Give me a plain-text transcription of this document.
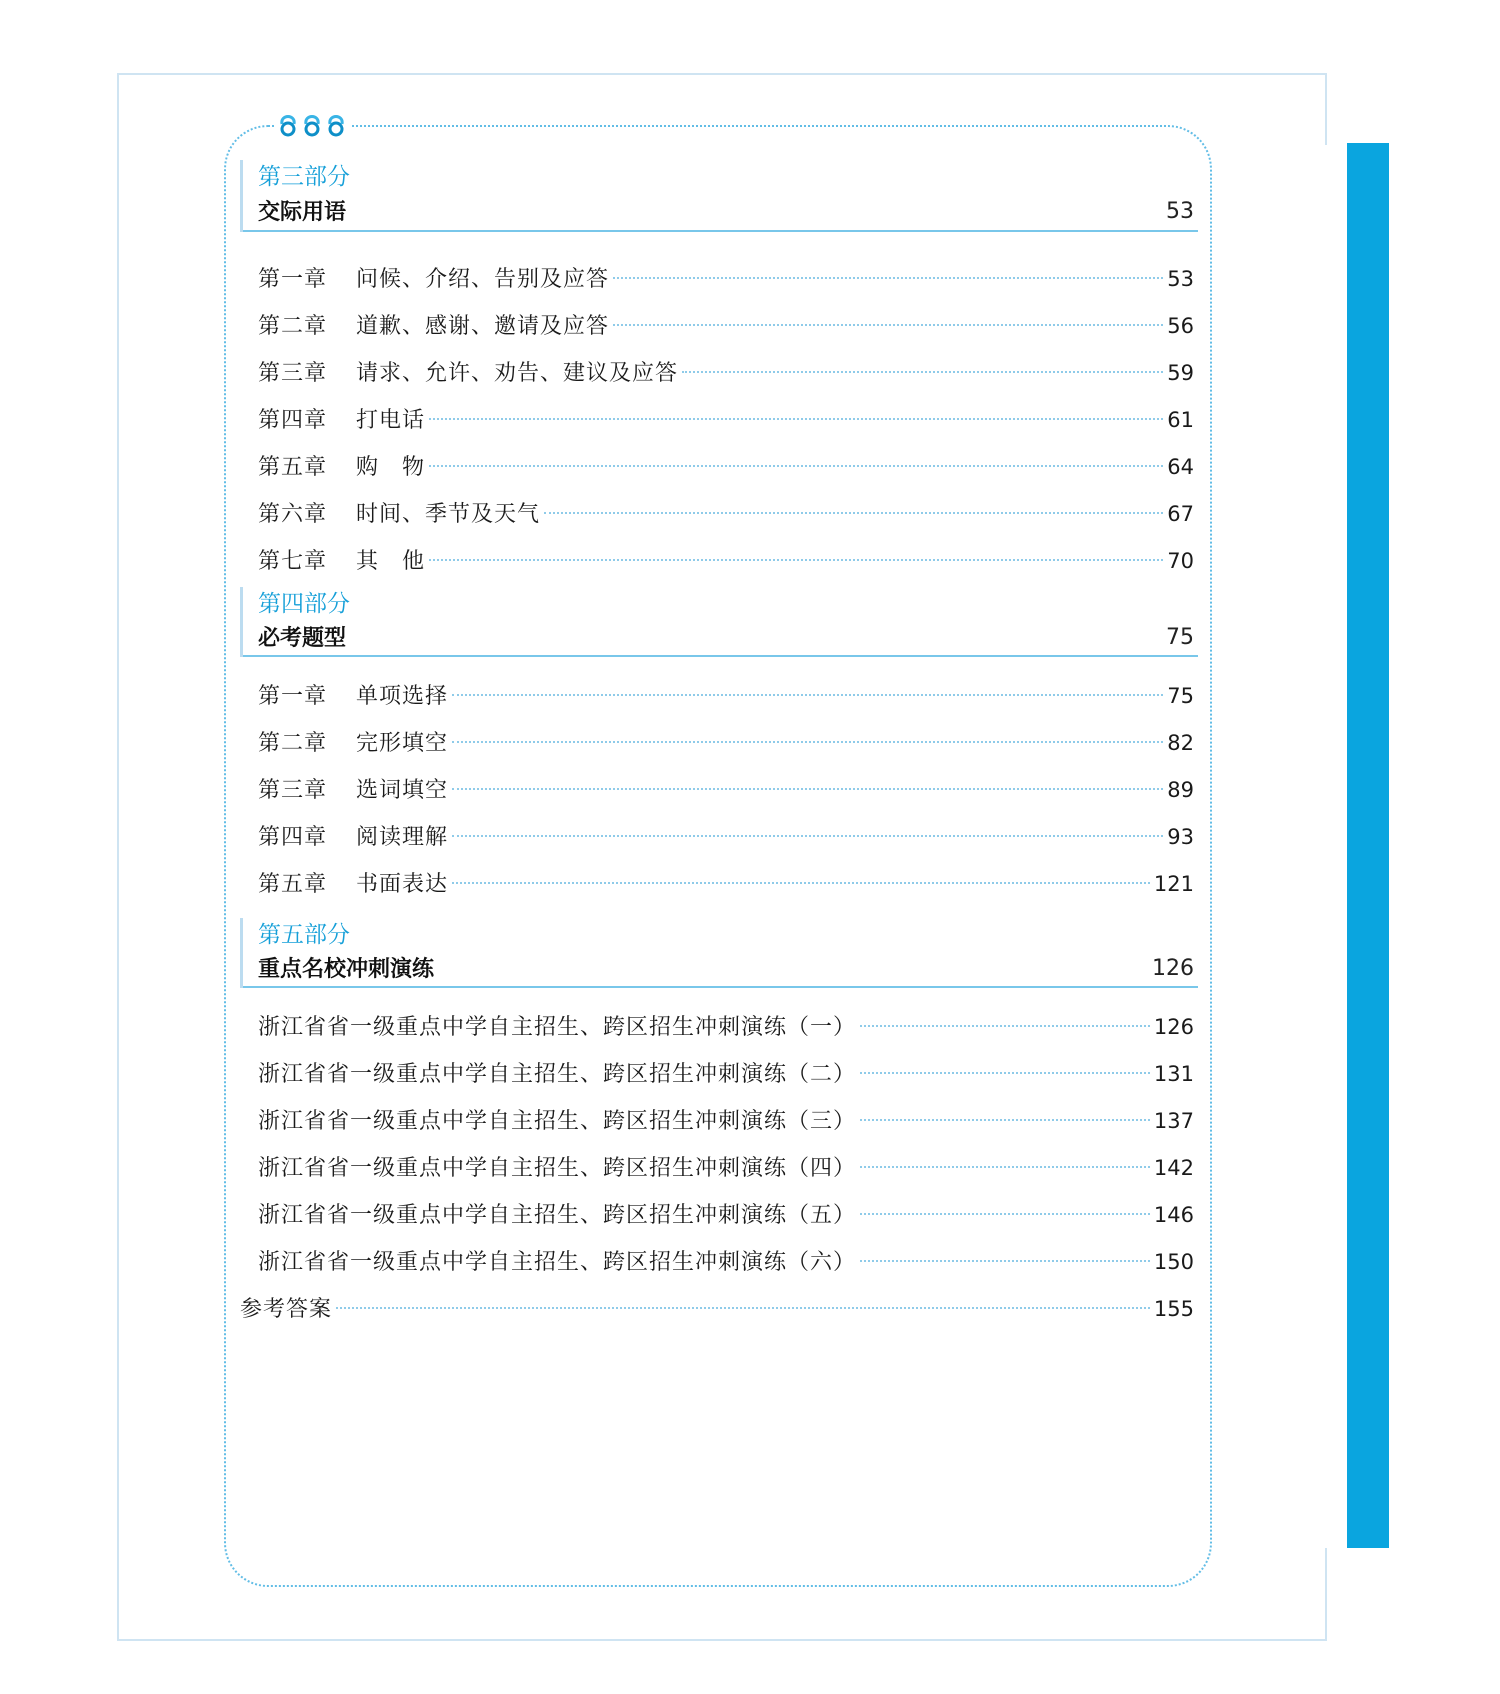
第三部分
交际用语	53
第一章	问候、介绍、告别及应答	53
第二章	道歉、感谢、邀请及应答	56
第三章	请求、允许、劝告、建议及应答	59
第四章	打电话	61
第五章	购　物	64
第六章	时间、季节及天气	67
第七章	其　他	70
第四部分
必考题型	75
第一章	单项选择	75
第二章	完形填空	82
第三章	选词填空	89
第四章	阅读理解	93
第五章	书面表达	121
第五部分
重点名校冲刺演练	126
浙江省省一级重点中学自主招生、跨区招生冲刺演练（一）	126
浙江省省一级重点中学自主招生、跨区招生冲刺演练（二）	131
浙江省省一级重点中学自主招生、跨区招生冲刺演练（三）	137
浙江省省一级重点中学自主招生、跨区招生冲刺演练（四）	142
浙江省省一级重点中学自主招生、跨区招生冲刺演练（五）	146
浙江省省一级重点中学自主招生、跨区招生冲刺演练（六）	150
参考答案	155
